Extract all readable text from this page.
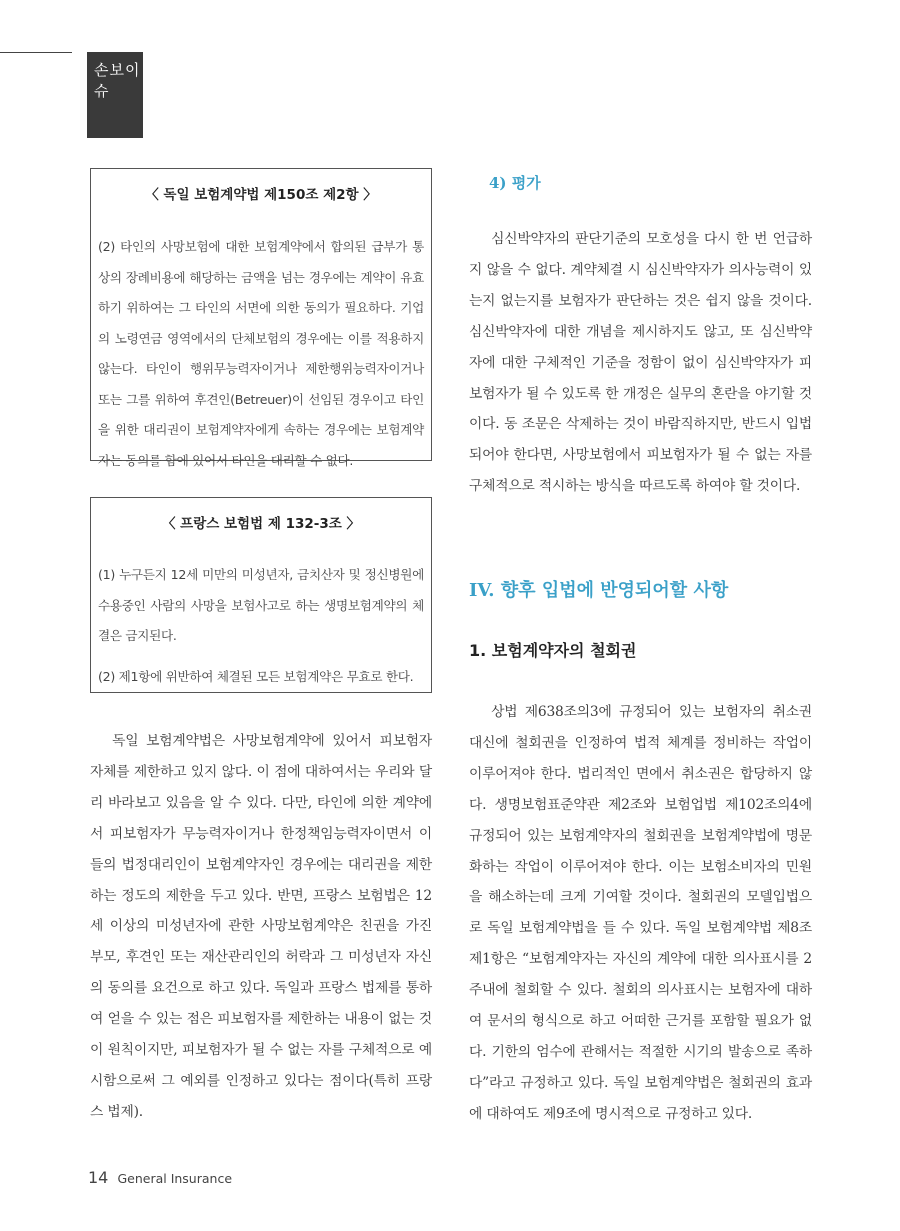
손보이슈
〈 독일 보험계약법 제150조 제2항 〉
(2) 타인의 사망보험에 대한 보험계약에서 합의된 급부가 통상의 장례비용에 해당하는 금액을 넘는 경우에는 계약이 유효하기 위하여는 그 타인의 서면에 의한 동의가 필요하다. 기업의 노령연금 영역에서의 단체보험의 경우에는 이를 적용하지 않는다. 타인이 행위무능력자이거나 제한행위능력자이거나 또는 그를 위하여 후견인(Betreuer)이 선임된 경우이고 타인을 위한 대리권이 보험계약자에게 속하는 경우에는 보험계약자는 동의를 함에 있어서 타인을 대리할 수 없다.
〈 프랑스 보험법 제 132-3조 〉
(1) 누구든지 12세 미만의 미성년자, 금치산자 및 정신병원에 수용중인 사람의 사망을 보험사고로 하는 생명보험계약의 체결은 금지된다.
(2) 제1항에 위반하여 체결된 모든 보험계약은 무효로 한다.

독일 보험계약법은 사망보험계약에 있어서 피보험자 자체를 제한하고 있지 않다. 이 점에 대하여서는 우리와 달리 바라보고 있음을 알 수 있다. 다만, 타인에 의한 계약에서 피보험자가 무능력자이거나 한정책임능력자이면서 이들의 법정대리인이 보험계약자인 경우에는 대리권을 제한하는 정도의 제한을 두고 있다. 반면, 프랑스 보험법은 12세 이상의 미성년자에 관한 사망보험계약은 친권을 가진 부모, 후견인 또는 재산관리인의 허락과 그 미성년자 자신의 동의를 요건으로 하고 있다. 독일과 프랑스 법제를 통하여 얻을 수 있는 점은 피보험자를 제한하는 내용이 없는 것이 원칙이지만, 피보험자가 될 수 없는 자를 구체적으로 예시함으로써 그 예외를 인정하고 있다는 점이다(특히 프랑스 법제).

4) 평가

심신박약자의 판단기준의 모호성을 다시 한 번 언급하지 않을 수 없다. 계약체결 시 심신박약자가 의사능력이 있는지 없는지를 보험자가 판단하는 것은 쉽지 않을 것이다. 심신박약자에 대한 개념을 제시하지도 않고, 또 심신박약자에 대한 구체적인 기준을 정함이 없이 심신박약자가 피보험자가 될 수 있도록 한 개정은 실무의 혼란을 야기할 것이다. 동 조문은 삭제하는 것이 바람직하지만, 반드시 입법되어야 한다면, 사망보험에서 피보험자가 될 수 없는 자를 구체적으로 적시하는 방식을 따르도록 하여야 할 것이다.

IV. 향후 입법에 반영되어할 사항
1. 보험계약자의 철회권

상법 제638조의3에 규정되어 있는 보험자의 취소권 대신에 철회권을 인정하여 법적 체계를 정비하는 작업이 이루어져야 한다. 법리적인 면에서 취소권은 합당하지 않다. 생명보험표준약관 제2조와 보험업법 제102조의4에 규정되어 있는 보험계약자의 철회권을 보험계약법에 명문화하는 작업이 이루어져야 한다. 이는 보험소비자의 민원을 해소하는데 크게 기여할 것이다. 철회권의 모델입법으로 독일 보험계약법을 들 수 있다. 독일 보험계약법 제8조 제1항은 “보험계약자는 자신의 계약에 대한 의사표시를 2주내에 철회할 수 있다. 철회의 의사표시는 보험자에 대하여 문서의 형식으로 하고 어떠한 근거를 포함할 필요가 없다. 기한의 엄수에 관해서는 적절한 시기의 발송으로 족하다”라고 규정하고 있다. 독일 보험계약법은 철회권의 효과에 대하여도 제9조에 명시적으로 규정하고 있다.

14 General Insurance
